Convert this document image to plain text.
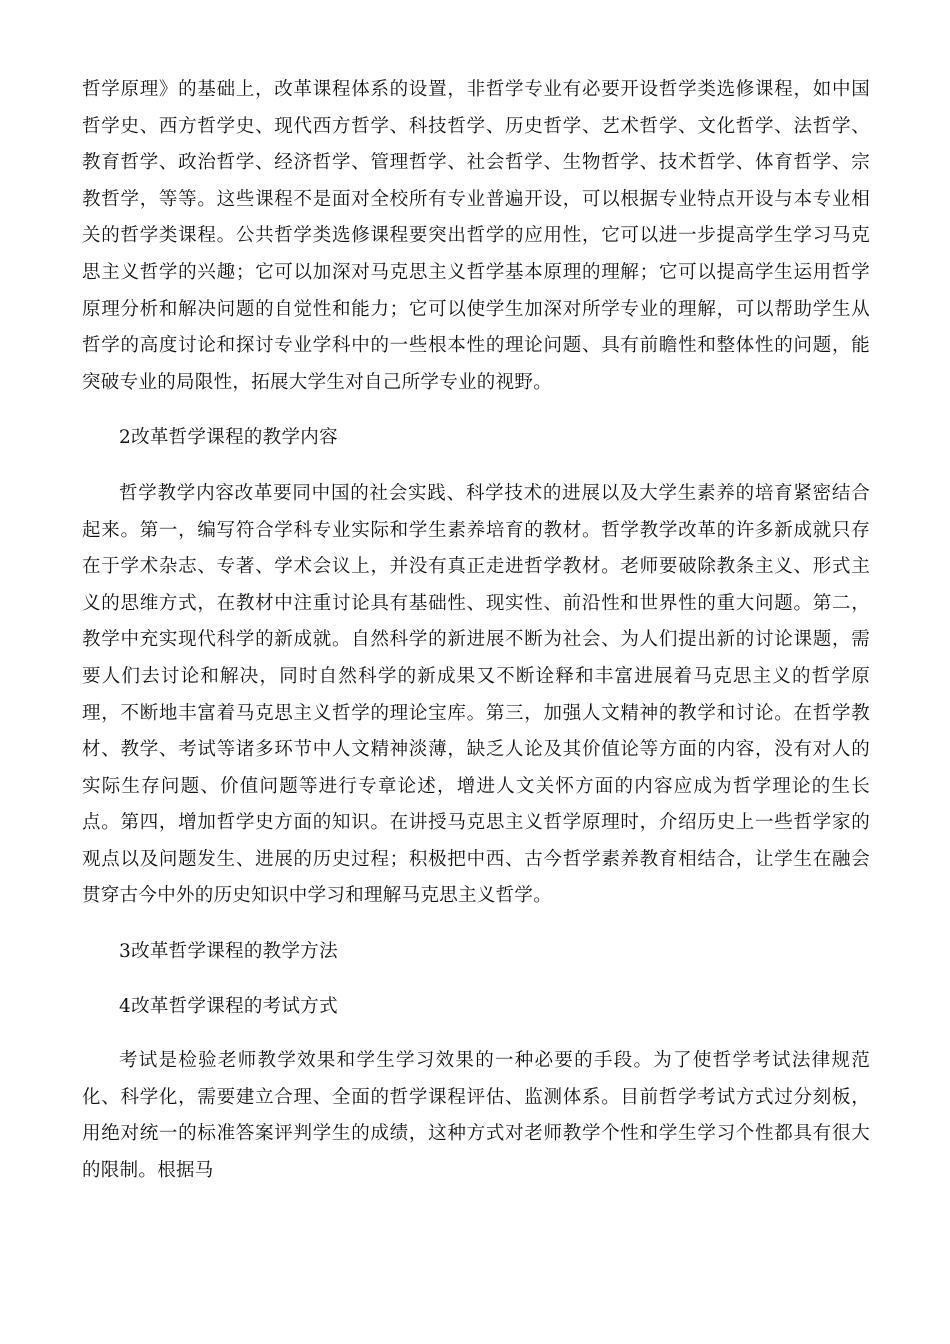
哲学原理》的基础上，改革课程体系的设置，非哲学专业有必要开设哲学类选修课程，如中国哲学史、西方哲学史、现代西方哲学、科技哲学、历史哲学、艺术哲学、文化哲学、法哲学、教育哲学、政治哲学、经济哲学、管理哲学、社会哲学、生物哲学、技术哲学、体育哲学、宗教哲学，等等。这些课程不是面对全校所有专业普遍开设，可以根据专业特点开设与本专业相关的哲学类课程。公共哲学类选修课程要突出哲学的应用性，它可以进一步提高学生学习马克思主义哲学的兴趣；它可以加深对马克思主义哲学基本原理的理解；它可以提高学生运用哲学原理分析和解决问题的自觉性和能力；它可以使学生加深对所学专业的理解，可以帮助学生从哲学的高度讨论和探讨专业学科中的一些根本性的理论问题、具有前瞻性和整体性的问题，能突破专业的局限性，拓展大学生对自己所学专业的视野。

2改革哲学课程的教学内容

哲学教学内容改革要同中国的社会实践、科学技术的进展以及大学生素养的培育紧密结合起来。第一，编写符合学科专业实际和学生素养培育的教材。哲学教学改革的许多新成就只存在于学术杂志、专著、学术会议上，并没有真正走进哲学教材。老师要破除教条主义、形式主义的思维方式，在教材中注重讨论具有基础性、现实性、前沿性和世界性的重大问题。第二，教学中充实现代科学的新成就。自然科学的新进展不断为社会、为人们提出新的讨论课题，需要人们去讨论和解决，同时自然科学的新成果又不断诠释和丰富进展着马克思主义的哲学原理，不断地丰富着马克思主义哲学的理论宝库。第三，加强人文精神的教学和讨论。在哲学教材、教学、考试等诸多环节中人文精神淡薄，缺乏人论及其价值论等方面的内容，没有对人的实际生存问题、价值问题等进行专章论述，增进人文关怀方面的内容应成为哲学理论的生长点。第四，增加哲学史方面的知识。在讲授马克思主义哲学原理时，介绍历史上一些哲学家的观点以及问题发生、进展的历史过程；积极把中西、古今哲学素养教育相结合，让学生在融会贯穿古今中外的历史知识中学习和理解马克思主义哲学。

3改革哲学课程的教学方法

4改革哲学课程的考试方式

考试是检验老师教学效果和学生学习效果的一种必要的手段。为了使哲学考试法律规范化、科学化，需要建立合理、全面的哲学课程评估、监测体系。目前哲学考试方式过分刻板，用绝对统一的标准答案评判学生的成绩，这种方式对老师教学个性和学生学习个性都具有很大的限制。根据马
